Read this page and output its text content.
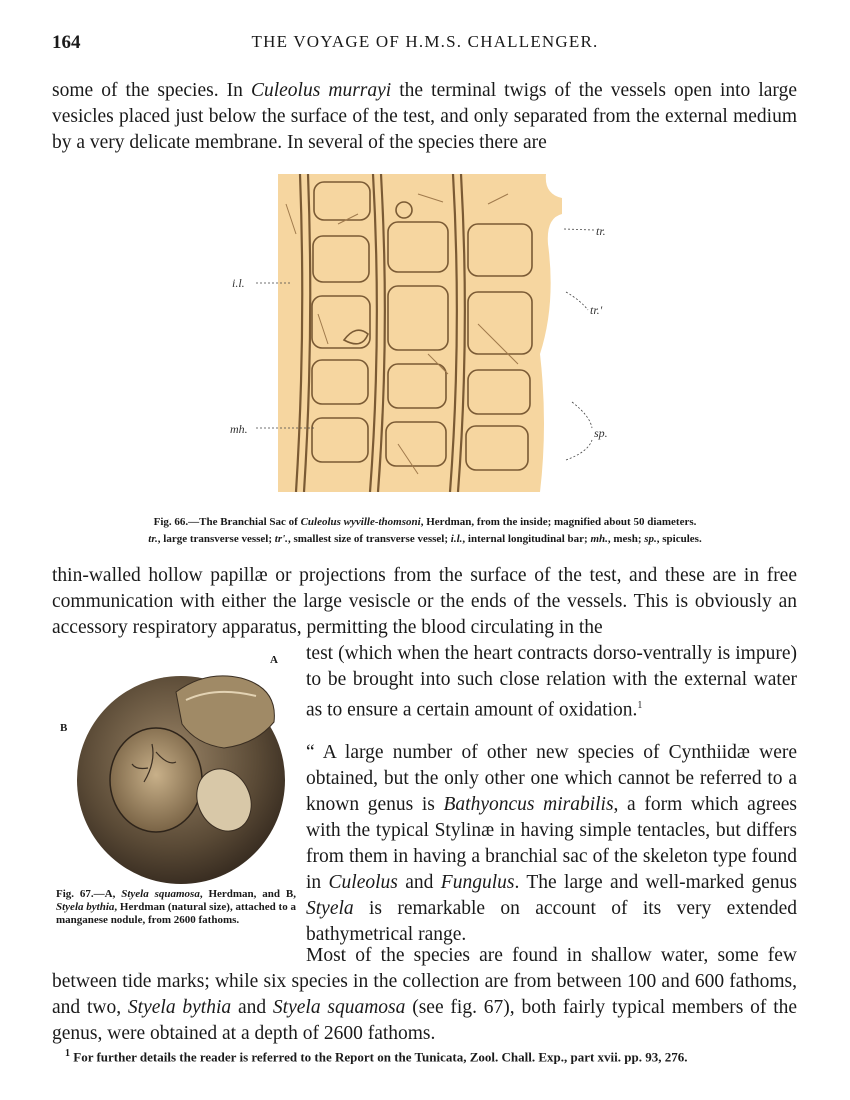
164	THE VOYAGE OF H.M.S. CHALLENGER.
some of the species. In Culeolus murrayi the terminal twigs of the vessels open into large vesicles placed just below the surface of the test, and only separated from the external medium by a very delicate membrane. In several of the species there are
tr.
tr.'
i.l.
mh.	sp.
Fig. 66.—The Branchial Sac of Culeolus wyville-thomsoni, Herdman, from the inside; magnified about 50 diameters.
tr., large transverse vessel; tr'., smallest size of transverse vessel; i.l., internal longitudinal bar; mh., mesh; sp., spicules.
thin-walled hollow papillæ or projections from the surface of the test, and these are in free communication with either the large vesiscle or the ends of the vessels. This is obviously an accessory respiratory apparatus, permitting the blood circulating in the
test (which when the heart contracts dorso-ventrally is impure) to be brought into such close relation with the external water as to ensure a certain amount of oxidation.$^1$
“ A large number of other new species of Cynthiidæ were obtained, but the only other one which cannot be referred to a known genus is Bathyoncus mirabilis, a form which agrees with the typical Stylinæ in having simple tentacles, but differs from them in having a branchial sac of the skeleton type found in Culeolus and Fungulus. The large and well-marked genus Styela is remarkable on account of its very extended bathymetrical range.
A
B
Fig. 67.—A, Styela squamosa, Herdman, and B, Styela bythia, Herdman (natural size), attached to a manganese nodule, from 2600 fathoms.
Most of the species are found in shallow water, some few between tide marks; while six species in the collection are from between 100 and 600 fathoms, and two, Styela bythia and Styela squamosa (see fig. 67), both fairly typical members of the genus, were obtained at a depth of 2600 fathoms.
$^1$ For further details the reader is referred to the Report on the Tunicata, Zool. Chall. Exp., part xvii. pp. 93, 276.
